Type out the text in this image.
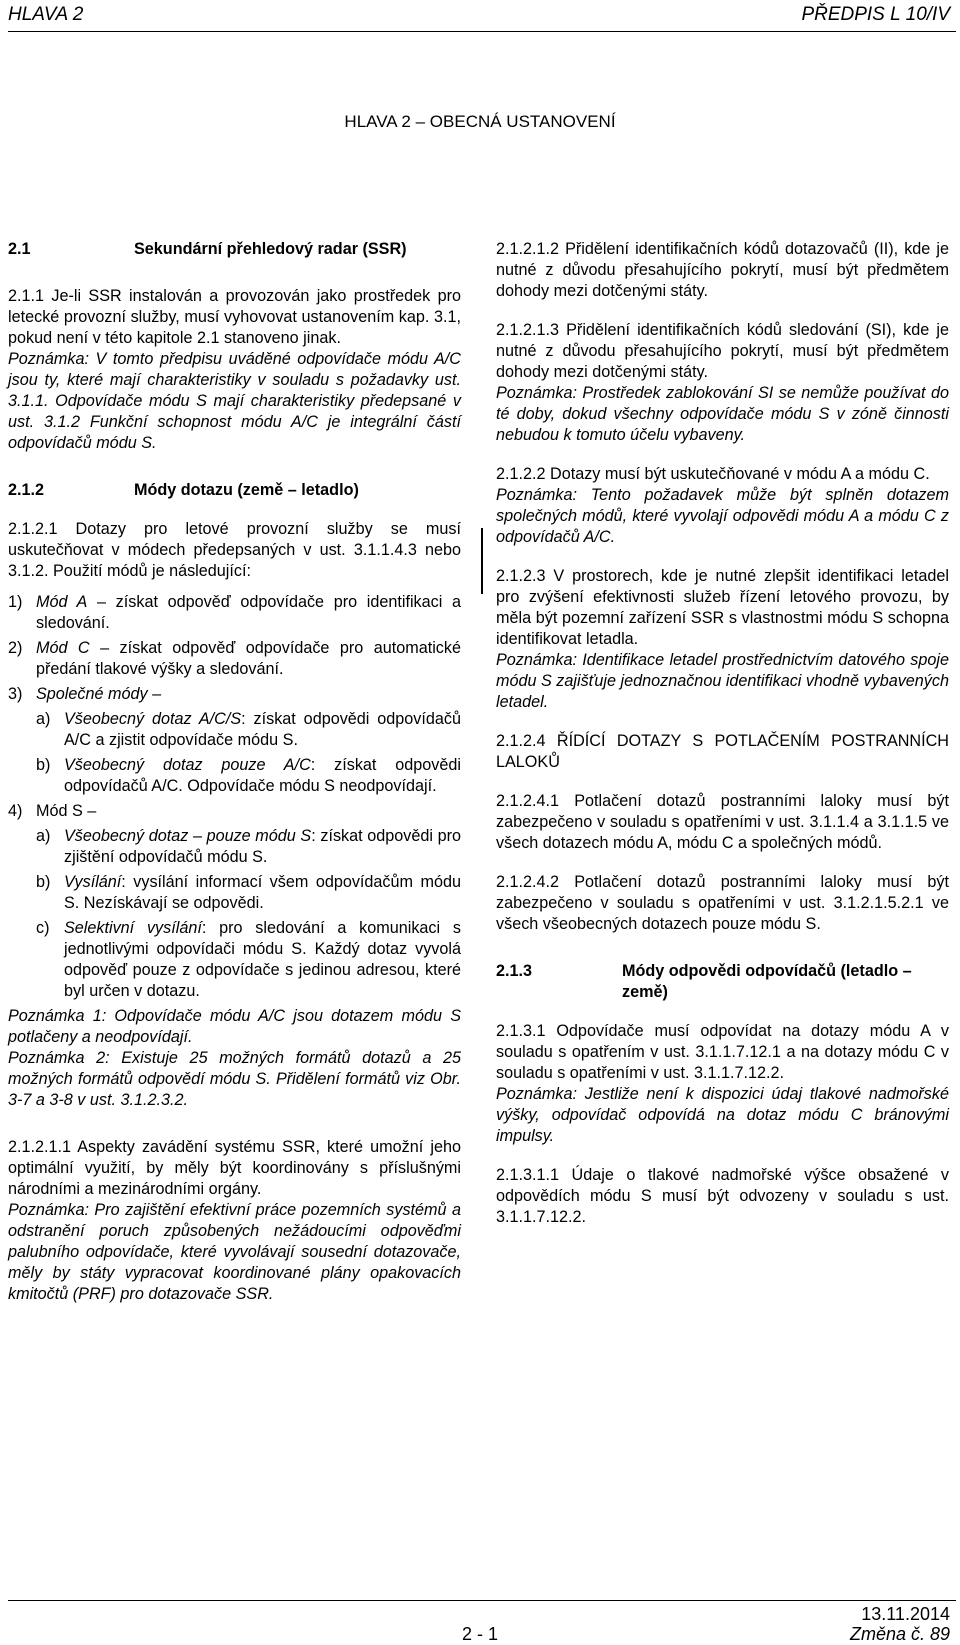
HLAVA 2	PŘEDPIS L 10/IV
HLAVA 2 – OBECNÁ USTANOVENÍ
2.1	Sekundární přehledový radar (SSR)

2.1.1 Je-li SSR instalován a provozován jako prostředek pro letecké provozní služby, musí vyhovovat ustanovením kap. 3.1, pokud není v této kapitole 2.1 stanoveno jinak.

Poznámka: V tomto předpisu uváděné odpovídače módu A/C jsou ty, které mají charakteristiky v souladu s požadavky ust. 3.1.1. Odpovídače módu S mají charakteristiky předepsané v ust. 3.1.2 Funkční schopnost módu A/C je integrální částí odpovídačů módu S.

2.1.2	Módy dotazu (země – letadlo)

2.1.2.1 Dotazy pro letové provozní služby se musí uskutečňovat v módech předepsaných v ust. 3.1.1.4.3 nebo 3.1.2. Použití módů je následující:

1) Mód A – získat odpověď odpovídače pro identifikaci a sledování.
2) Mód C – získat odpověď odpovídače pro automatické předání tlakové výšky a sledování.
3) Společné módy –
a) Všeobecný dotaz A/C/S: získat odpovědi odpovídačů A/C a zjistit odpovídače módu S.
b) Všeobecný dotaz pouze A/C: získat odpovědi odpovídačů A/C. Odpovídače módu S neodpovídají.
4) Mód S –
a) Všeobecný dotaz – pouze módu S: získat odpovědi pro zjištění odpovídačů módu S.
b) Vysílání: vysílání informací všem odpovídačům módu S. Nezískávají se odpovědi.
c) Selektivní vysílání: pro sledování a komunikaci s jednotlivými odpovídači módu S. Každý dotaz vyvolá odpověď pouze z odpovídače s jedinou adresou, které byl určen v dotazu.

Poznámka 1: Odpovídače módu A/C jsou dotazem módu S potlačeny a neodpovídají.

Poznámka 2: Existuje 25 možných formátů dotazů a 25 možných formátů odpovědí módu S. Přidělení formátů viz Obr. 3-7 a 3-8 v ust. 3.1.2.3.2.

2.1.2.1.1 Aspekty zavádění systému SSR, které umožní jeho optimální využití, by měly být koordinovány s příslušnými národními a mezinárodními orgány.

Poznámka: Pro zajištění efektivní práce pozemních systémů a odstranění poruch způsobených nežádoucími odpověďmi palubního odpovídače, které vyvolávají sousední dotazovače, měly by státy vypracovat koordinované plány opakovacích kmitočtů (PRF) pro dotazovače SSR.

2.1.2.1.2 Přidělení identifikačních kódů dotazovačů (II), kde je nutné z důvodu přesahujícího pokrytí, musí být předmětem dohody mezi dotčenými státy.

2.1.2.1.3 Přidělení identifikačních kódů sledování (SI), kde je nutné z důvodu přesahujícího pokrytí, musí být předmětem dohody mezi dotčenými státy.

Poznámka: Prostředek zablokování SI se nemůže používat do té doby, dokud všechny odpovídače módu S v zóně činnosti nebudou k tomuto účelu vybaveny.

2.1.2.2 Dotazy musí být uskutečňované v módu A a módu C.

Poznámka: Tento požadavek může být splněn dotazem společných módů, které vyvolají odpovědi módu A a módu C z odpovídačů A/C.

2.1.2.3 V prostorech, kde je nutné zlepšit identifikaci letadel pro zvýšení efektivnosti služeb řízení letového provozu, by měla být pozemní zařízení SSR s vlastnostmi módu S schopna identifikovat letadla.

Poznámka: Identifikace letadel prostřednictvím datového spoje módu S zajišťuje jednoznačnou identifikaci vhodně vybavených letadel.

2.1.2.4 ŘÍDÍCÍ DOTAZY S POTLAČENÍM POSTRANNÍCH LALOKŮ

2.1.2.4.1 Potlačení dotazů postranními laloky musí být zabezpečeno v souladu s opatřeními v ust. 3.1.1.4 a 3.1.1.5 ve všech dotazech módu A, módu C a společných módů.

2.1.2.4.2 Potlačení dotazů postranními laloky musí být zabezpečeno v souladu s opatřeními v ust. 3.1.2.1.5.2.1 ve všech všeobecných dotazech pouze módu S.

2.1.3	Módy odpovědi odpovídačů (letadlo – země)

2.1.3.1 Odpovídače musí odpovídat na dotazy módu A v souladu s opatřením v ust. 3.1.1.7.12.1 a na dotazy módu C v souladu s opatřeními v ust. 3.1.1.7.12.2.

Poznámka: Jestliže není k dispozici údaj tlakové nadmořské výšky, odpovídač odpovídá na dotaz módu C bránovými impulsy.

2.1.3.1.1 Údaje o tlakové nadmořské výšce obsažené v odpovědích módu S musí být odvozeny v souladu s ust. 3.1.1.7.12.2.

13.11.2014
2 - 1	Změna č. 89
